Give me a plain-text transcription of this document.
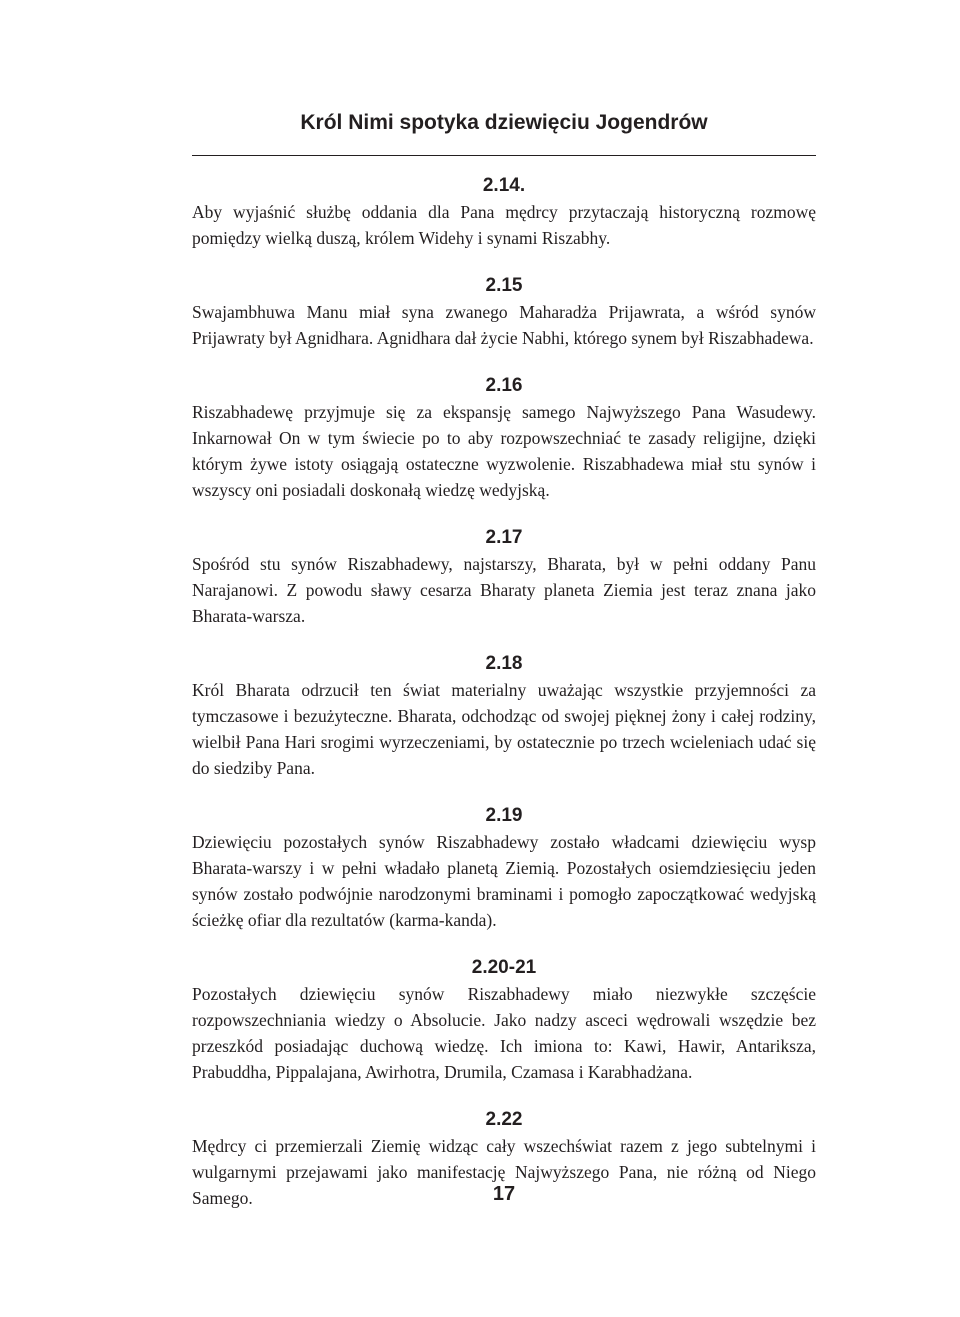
Król Nimi spotyka dziewięciu Jogendrów

2.14.

Aby wyjaśnić służbę oddania dla Pana mędrcy przytaczają historyczną rozmowę pomiędzy wielką duszą, królem Widehy i synami Riszabhy.

2.15

Swajambhuwa Manu miał syna zwanego Maharadża Prijawrata, a wśród synów Prijawraty był Agnidhara. Agnidhara dał życie Nabhi, którego synem był Riszabhadewa.

2.16

Riszabhadewę przyjmuje się za ekspansję samego Najwyższego Pana Wasudewy. Inkarnował On w tym świecie po to aby rozpowszechniać te zasady religijne, dzięki którym żywe istoty osiągają ostateczne wyzwolenie. Riszabhadewa miał stu synów i wszyscy oni posiadali doskonałą wiedzę wedyjską.

2.17

Spośród stu synów Riszabhadewy, najstarszy, Bharata, był w pełni oddany Panu Narajanowi. Z powodu sławy cesarza Bharaty planeta Ziemia jest teraz znana jako Bharata-warsza.

2.18

Król Bharata odrzucił ten świat materialny uważając wszystkie przyjemności za tymczasowe i bezużyteczne. Bharata, odchodząc od swojej pięknej żony i całej rodziny, wielbił Pana Hari srogimi wyrzeczeniami, by ostatecznie po trzech wcieleniach udać się do siedziby Pana.

2.19

Dziewięciu pozostałych synów Riszabhadewy zostało władcami dziewięciu wysp Bharata-warszy i w pełni władało planetą Ziemią. Pozostałych osiemdziesięciu jeden synów zostało podwójnie narodzonymi braminami i pomogło zapoczątkować wedyjską ścieżkę ofiar dla rezultatów (karma-kanda).

2.20-21

Pozostałych dziewięciu synów Riszabhadewy miało niezwykłe szczęście rozpowszechniania wiedzy o Absolucie. Jako nadzy asceci wędrowali wszędzie bez przeszkód posiadając duchową wiedzę. Ich imiona to: Kawi, Hawir, Antariksza, Prabuddha, Pippalajana, Awirhotra, Drumila, Czamasa i Karabhadżana.

2.22

Mędrcy ci przemierzali Ziemię widząc cały wszechświat razem z jego subtelnymi i wulgarnymi przejawami jako manifestację Najwyższego Pana, nie różną od Niego Samego.	17
